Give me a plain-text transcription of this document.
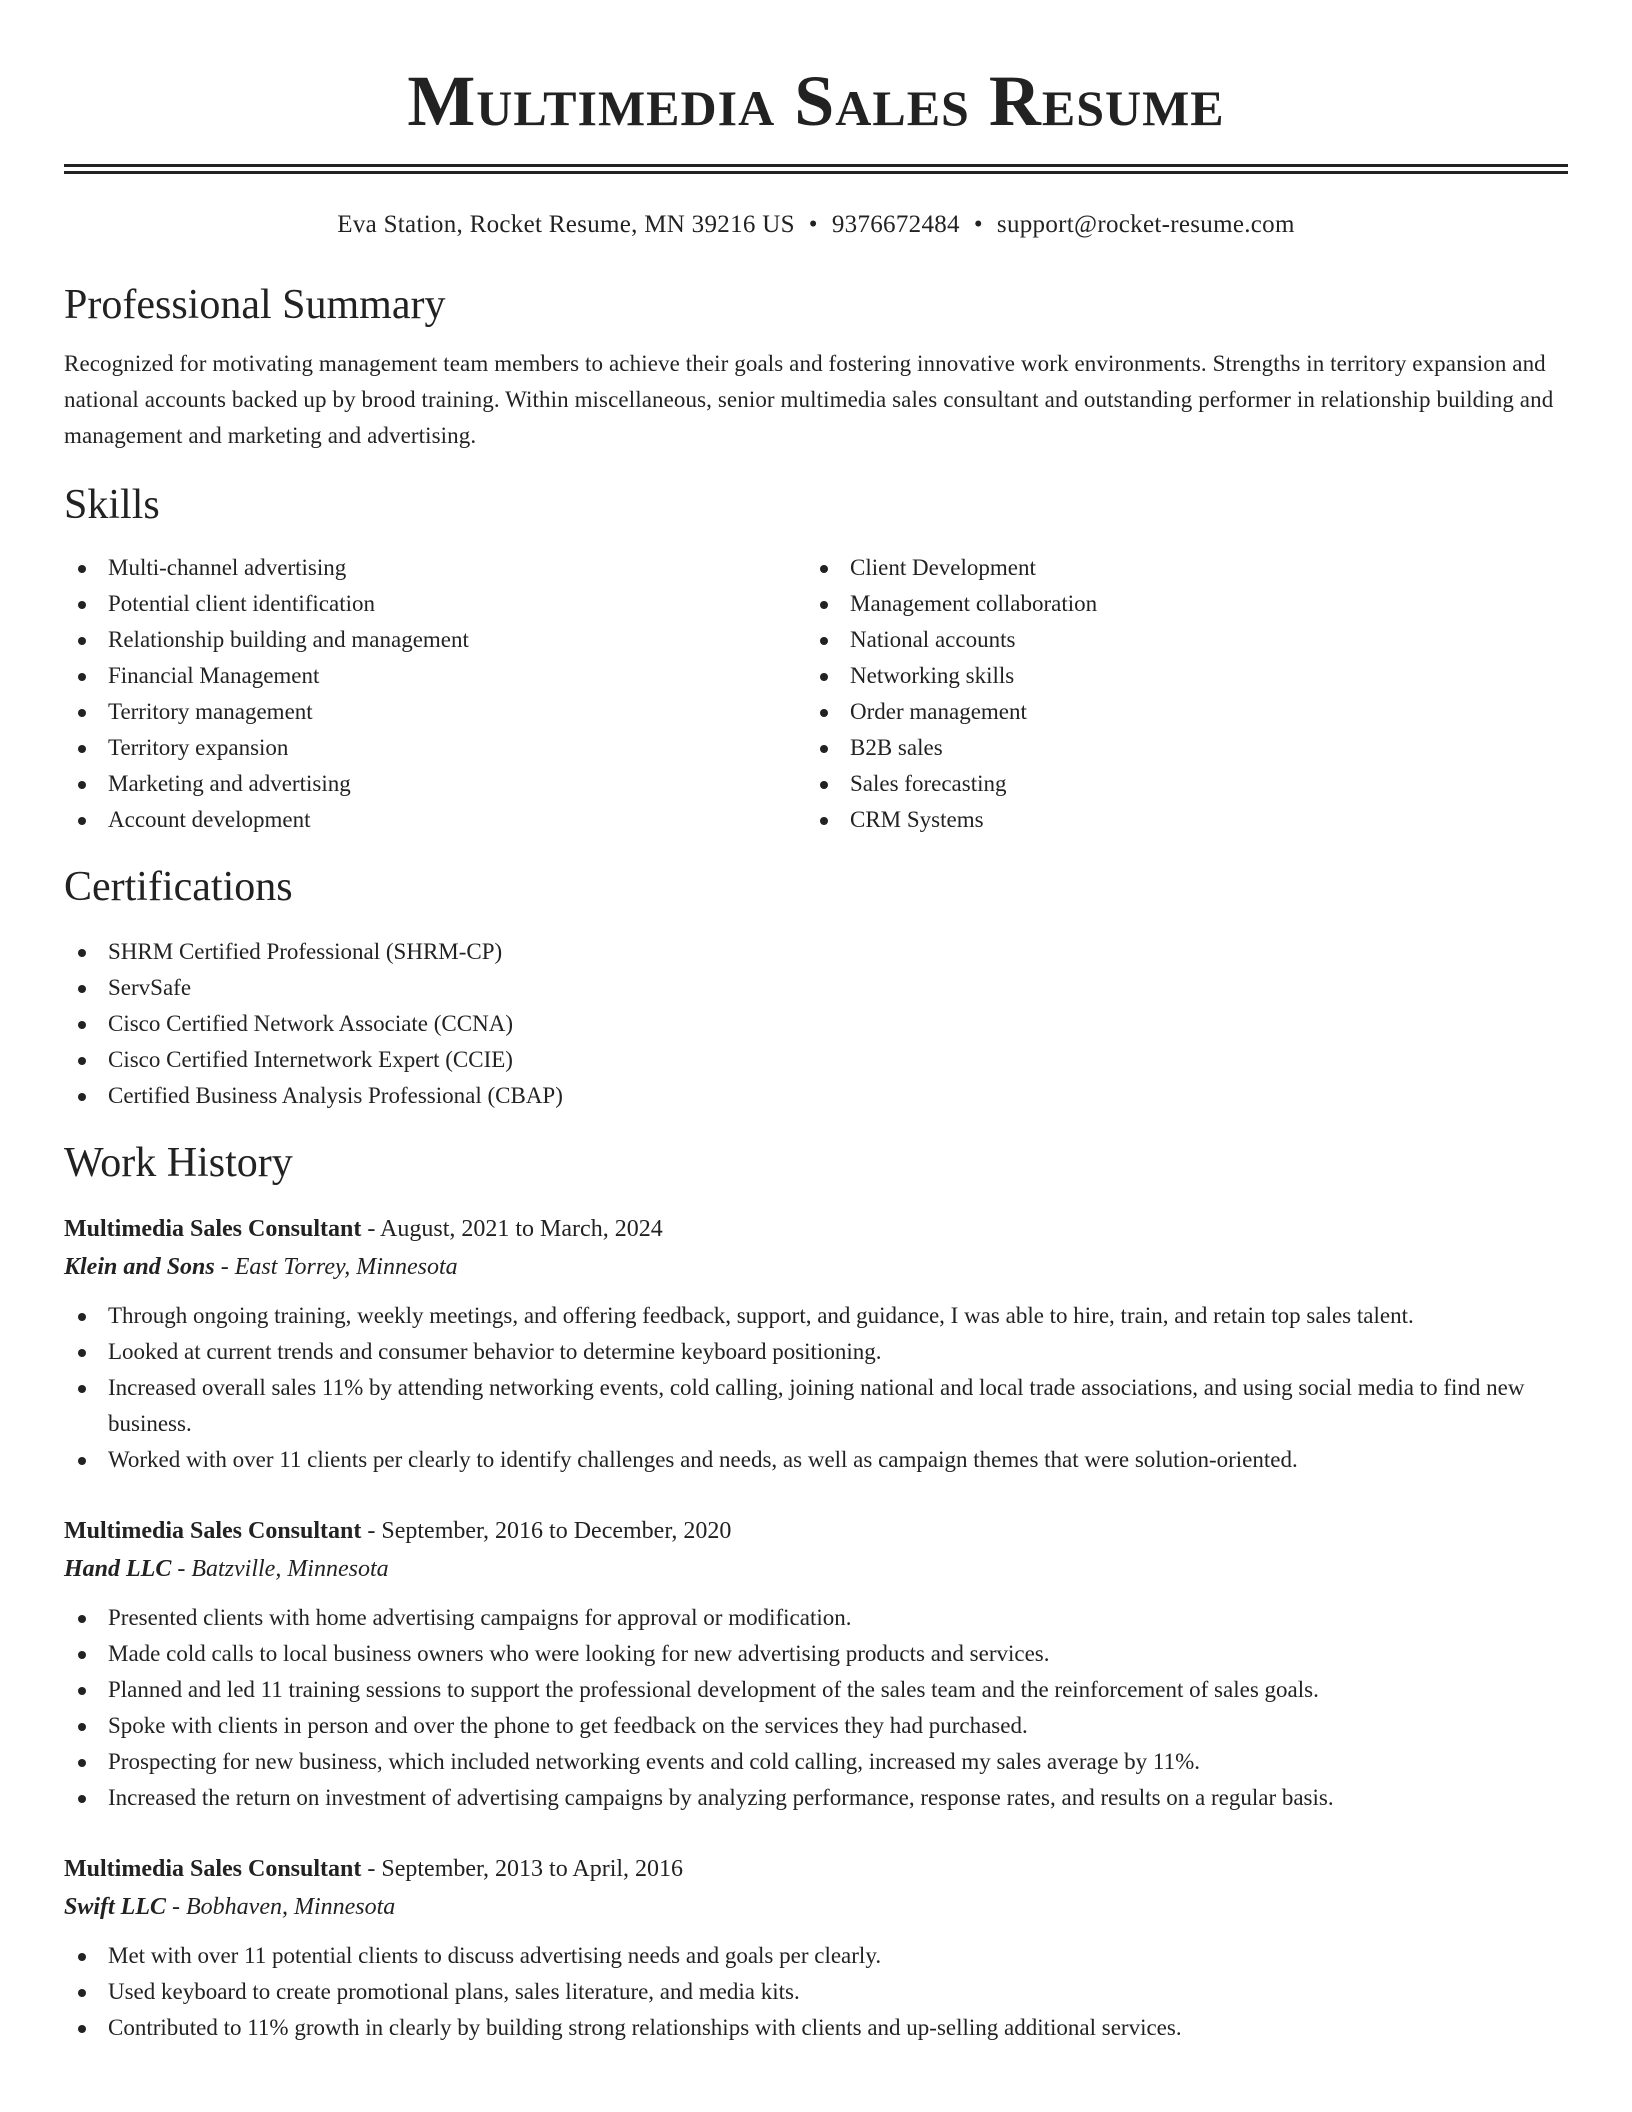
Multimedia Sales Resume
Eva Station, Rocket Resume, MN 39216 US • 9376672484 • support@rocket-resume.com
Professional Summary

Recognized for motivating management team members to achieve their goals and fostering innovative work environments. Strengths in territory expansion and national accounts backed up by brood training. Within miscellaneous, senior multimedia sales consultant and outstanding performer in relationship building and management and marketing and advertising.

Skills
Multi-channel advertising
Potential client identification
Relationship building and management
Financial Management
Territory management
Territory expansion
Marketing and advertising
Account development
Client Development
Management collaboration
National accounts
Networking skills
Order management
B2B sales
Sales forecasting
CRM Systems
Certifications
SHRM Certified Professional (SHRM-CP)
ServSafe
Cisco Certified Network Associate (CCNA)
Cisco Certified Internetwork Expert (CCIE)
Certified Business Analysis Professional (CBAP)
Work History
Multimedia Sales Consultant - August, 2021 to March, 2024
Klein and Sons - East Torrey, Minnesota
Through ongoing training, weekly meetings, and offering feedback, support, and guidance, I was able to hire, train, and retain top sales talent.
Looked at current trends and consumer behavior to determine keyboard positioning.
Increased overall sales 11% by attending networking events, cold calling, joining national and local trade associations, and using social media to find new business.
Worked with over 11 clients per clearly to identify challenges and needs, as well as campaign themes that were solution-oriented.
Multimedia Sales Consultant - September, 2016 to December, 2020
Hand LLC - Batzville, Minnesota
Presented clients with home advertising campaigns for approval or modification.
Made cold calls to local business owners who were looking for new advertising products and services.
Planned and led 11 training sessions to support the professional development of the sales team and the reinforcement of sales goals.
Spoke with clients in person and over the phone to get feedback on the services they had purchased.
Prospecting for new business, which included networking events and cold calling, increased my sales average by 11%.
Increased the return on investment of advertising campaigns by analyzing performance, response rates, and results on a regular basis.
Multimedia Sales Consultant - September, 2013 to April, 2016
Swift LLC - Bobhaven, Minnesota
Met with over 11 potential clients to discuss advertising needs and goals per clearly.
Used keyboard to create promotional plans, sales literature, and media kits.
Contributed to 11% growth in clearly by building strong relationships with clients and up-selling additional services.
